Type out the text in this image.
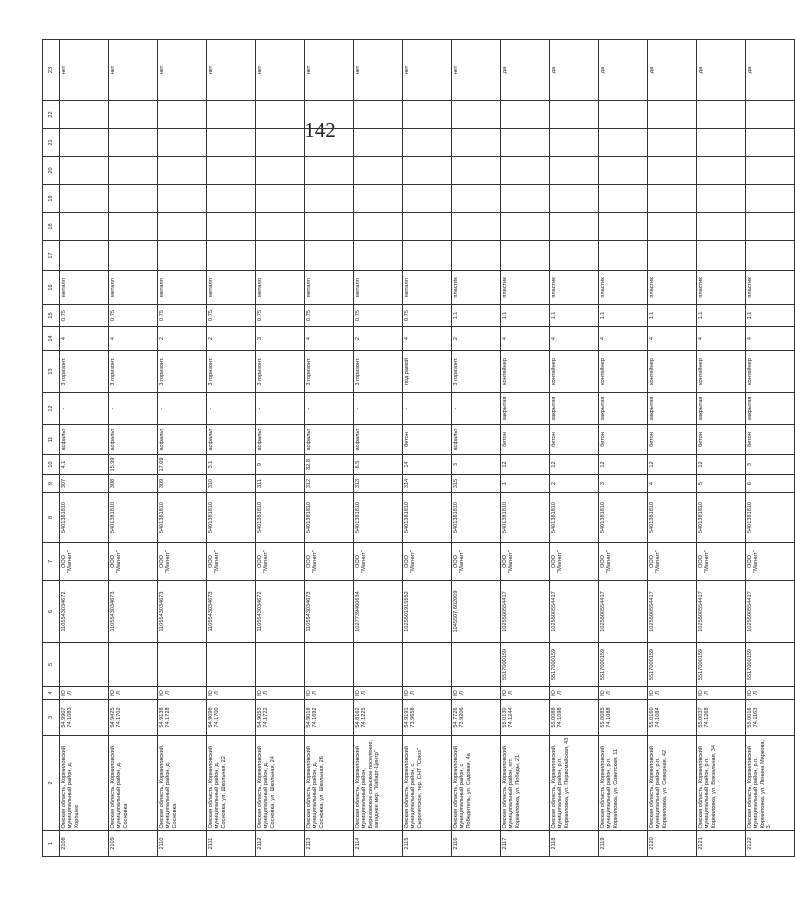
142
1	2	3	4	5	6	7	8	9	10	11	12	13	14	15	16	17	18	19	20	21	22	23
2108	Омская область, Кормиловский муниципальный район, д. Хорошее	54.9907 74.1083	ЮЛ		1105543034672	ООО "Магнит"	5401381810	307	4.1	асфальт	-	3 горизонт.	4	0.75	металл							нет
2109	Омская область, Кормиловский муниципальный район, д. Сосновка	54.9425 74.1702	ЮЛ		1105543034673	ООО "Магнит"	5401381810	308	15.99	асфальт	-	3 горизонт.	4	0.75	металл							нет
2110	Омская область, Кормиловский муниципальный район, д. Сосновка	54.9138 74.1728	ЮЛ		1105543034673	ООО "Магнит"	5401381810	309	17.09	асфальт	-	3 горизонт.	2	0.75	металл							нет
2111	Омская область, Кормиловский муниципальный район, д. Сосновка, ул. Школьная, 22	54.9098 74.1700	ЮЛ		1105543034673	ООО "Магнит"	5401381810	310	3.1	асфальт	-	3 горизонт.	2	0.75	металл							нет
2112	Омская область, Кормиловский муниципальный район, д. Сосновка, ул. Школьная, 24	54.9053 74.1722	ЮЛ		1105543034672	ООО "Магнит"	5401381810	311	9	асфальт	-	3 горизонт.	3	0.75	металл							нет
2113	Омская область, Кормиловский муниципальный район, д. Сосновка, ул. Школьная, 26	54.9018 74.1692	ЮЛ		1105543034673	ООО "Магнит"	5401381810	312	32.8	асфальт	-	3 горизонт.	4	0.75	металл							нет
2114	Омская область, Кормиловский муниципальный район, Березовское сельское поселение, западнее мкр. "Кабарт-Центр"	54.8162 74.1225	ЮЛ		1027739460634	ООО "Магнит"	5401381810	313	6.5	асфальт	-	3 горизонт.	2	0.75	металл							нет
2115	Омская область, Кормиловский муниципальный район, с. Сыропятское, тер. СНТ "Союз"	54.9191 73.9658	ЮЛ		1025501915552	ООО "Магнит"	5401381810	314	14	бетон	-	под рамой	4	0.75	металл							нет
2116	Омская область, Кормиловский муниципальный район, с. Победитель, ул. Садовая, 4а	54.7726 73.9206	ЮЛ		1045507.602009	ООО "Магнит"	5401381810	315	3	асфальт	-	3 горизонт.	2	1.1	пластик							нет
2117	Омская область, Кормиловский муниципальный район, пгт. Кормиловка, ул. Победы, 21	55.0130 74.1244	ЮЛ	5517000159	1025500554417	ООО "Магнит"	5401381810	1	12	бетон	закрытая	контейнер	4	1.1	пластик							да
2118	Омская область, Кормиловский муниципальный район, р.п. Кормиловка, ул. Первомайская, 43	55.0088 74.1098	ЮЛ	5517000159	1025500554417	ООО "Магнит"	5401381810	2	12	бетон	закрытая	контейнер	4	1.1	пластик							да
2119	Омская область, Кормиловский муниципальный район, р.п. Кормиловка, ул. Советская, 11	55.0085 74.1088	ЮЛ	5517000159	1025500554417	ООО "Магнит"	5401381810	3	12	бетон	закрытая	контейнер	4	1.1	пластик							да
2120	Омская область, Кормиловский муниципальный район, р.п. Кормиловка, ул. Северная, 42	55.0160 74.1084	ЮЛ	5517000159	1025500554417	ООО "Магнит"	5401381810	4	12	бетон	закрытая	контейнер	4	1.1	пластик							да
2121	Омская область, Кормиловский муниципальный район, р.п. Кормиловка, ул. Вокзальная, 34	55.0037 74.1268	ЮЛ	5517000159	1025500554417	ООО "Магнит"	5401381810	5	12	бетон	закрытая	контейнер	4	1.1	пластик							да
2122	Омская область, Кормиловский муниципальный район, р.п. Кормиловка, ул. Ленина Маркова, 3	55.0016 74.1163	ЮЛ	5517000159	1025500554417	ООО "Магнит"	5401381810	6	3	бетон	закрытая	контейнер	4	1.1	пластик							да
